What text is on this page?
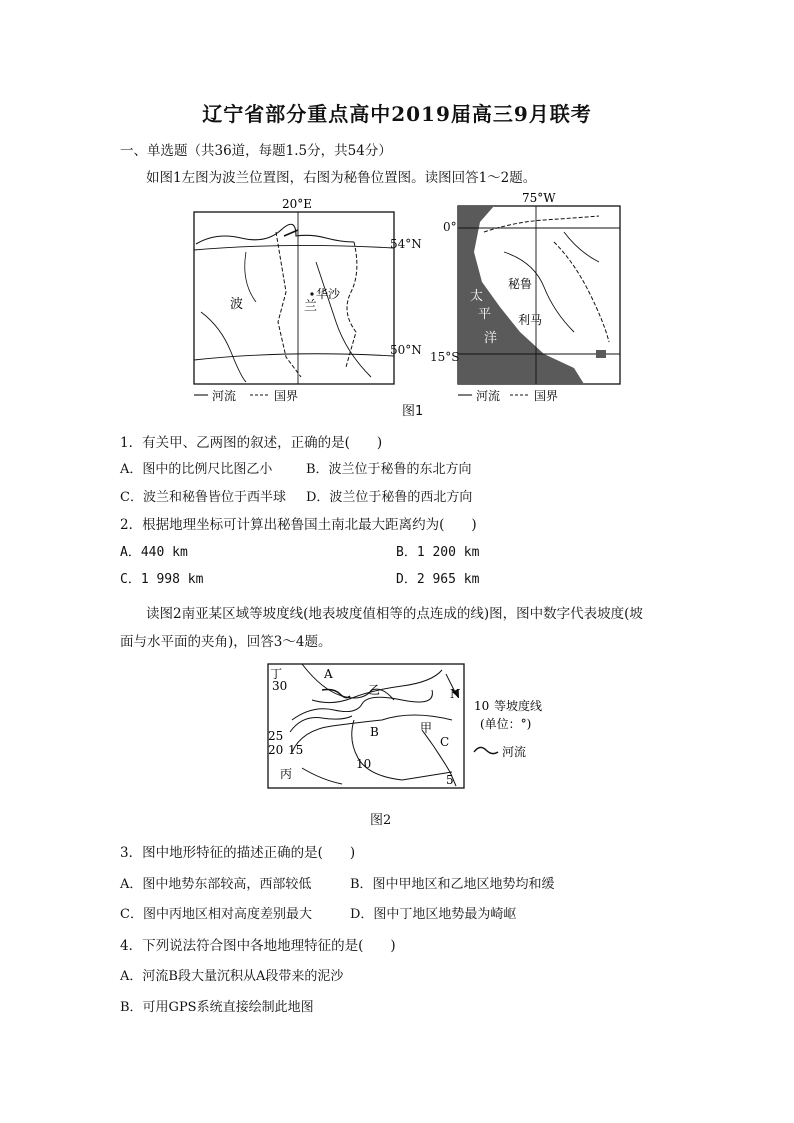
辽宁省部分重点高中2019届高三9月联考
一、单选题（共36道，每题1.5分，共54分）
如图1左图为波兰位置图，右图为秘鲁位置图。读图回答1～2题。
20°E
波	兰
华沙
河流	国界
54°N
50°N
75°W
秘鲁
利马
太
平
洋
河流	国界
0°
15°S
图1
1．有关甲、乙两图的叙述，正确的是(　　)
A．图中的比例尺比图乙小	B．波兰位于秘鲁的东北方向
C．波兰和秘鲁皆位于西半球 D．波兰位于秘鲁的西北方向
2．根据地理坐标可计算出秘鲁国土南北最大距离约为(　　)
A．440 km	B．1 200 km
C．1 998 km	D．2 965 km
读图2南亚某区域等坡度线(地表坡度值相等的点连成的线)图，图中数字代表坡度(坡
面与水平面的夹角)，回答3～4题。
丁
30
A
乙	N
25
20 15
B	甲
C
10
丙	5
10 等坡度线
(单位：°)
河流
图2
3．图中地形特征的描述正确的是(　　)
A．图中地势东部较高，西部较低	B．图中甲地区和乙地区地势均和缓
C．图中丙地区相对高度差别最大	D．图中丁地区地势最为崎岖
4．下列说法符合图中各地地理特征的是(　　)
A．河流B段大量沉积从A段带来的泥沙
B．可用GPS系统直接绘制此地图
